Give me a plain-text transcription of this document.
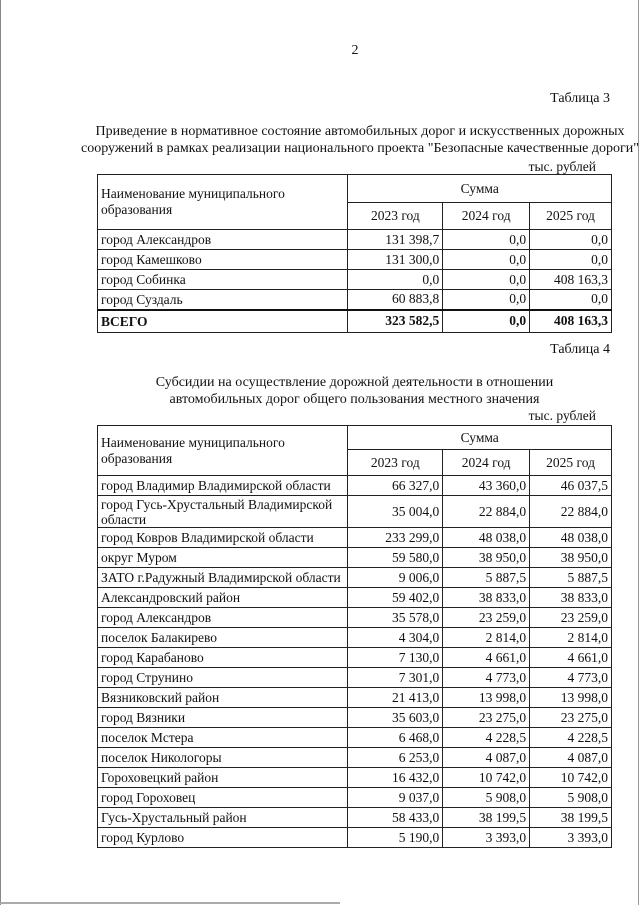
2
Таблица 3
Приведение в нормативное состояние автомобильных дорог и искусственных дорожных
сооружений в рамках реализации национального проекта "Безопасные качественные дороги"
тыс. рублей
Наименование муниципального образования	Сумма		
	2023 год	2024 год	2025 год
город Александров	131 398,7	0,0	0,0
город Камешково	131 300,0	0,0	0,0
город Собинка	0,0	0,0	408 163,3
город Суздаль	60 883,8	0,0	0,0
ВСЕГО	323 582,5	0,0	408 163,3
Таблица 4
Субсидии на осуществление дорожной деятельности в отношении
автомобильных дорог общего пользования местного значения
тыс. рублей
Наименование муниципального образования	Сумма		
	2023 год	2024 год	2025 год
город Владимир Владимирской области	66 327,0	43 360,0	46 037,5
город Гусь-Хрустальный Владимирской области	35 004,0	22 884,0	22 884,0
город Ковров Владимирской области	233 299,0	48 038,0	48 038,0
округ Муром	59 580,0	38 950,0	38 950,0
ЗАТО г.Радужный Владимирской области	9 006,0	5 887,5	5 887,5
Александровский район	59 402,0	38 833,0	38 833,0
город Александров	35 578,0	23 259,0	23 259,0
поселок Балакирево	4 304,0	2 814,0	2 814,0
город Карабаново	7 130,0	4 661,0	4 661,0
город Струнино	7 301,0	4 773,0	4 773,0
Вязниковский район	21 413,0	13 998,0	13 998,0
город Вязники	35 603,0	23 275,0	23 275,0
поселок Мстера	6 468,0	4 228,5	4 228,5
поселок Никологоры	6 253,0	4 087,0	4 087,0
Гороховецкий район	16 432,0	10 742,0	10 742,0
город Гороховец	9 037,0	5 908,0	5 908,0
Гусь-Хрустальный район	58 433,0	38 199,5	38 199,5
город Курлово	5 190,0	3 393,0	3 393,0
